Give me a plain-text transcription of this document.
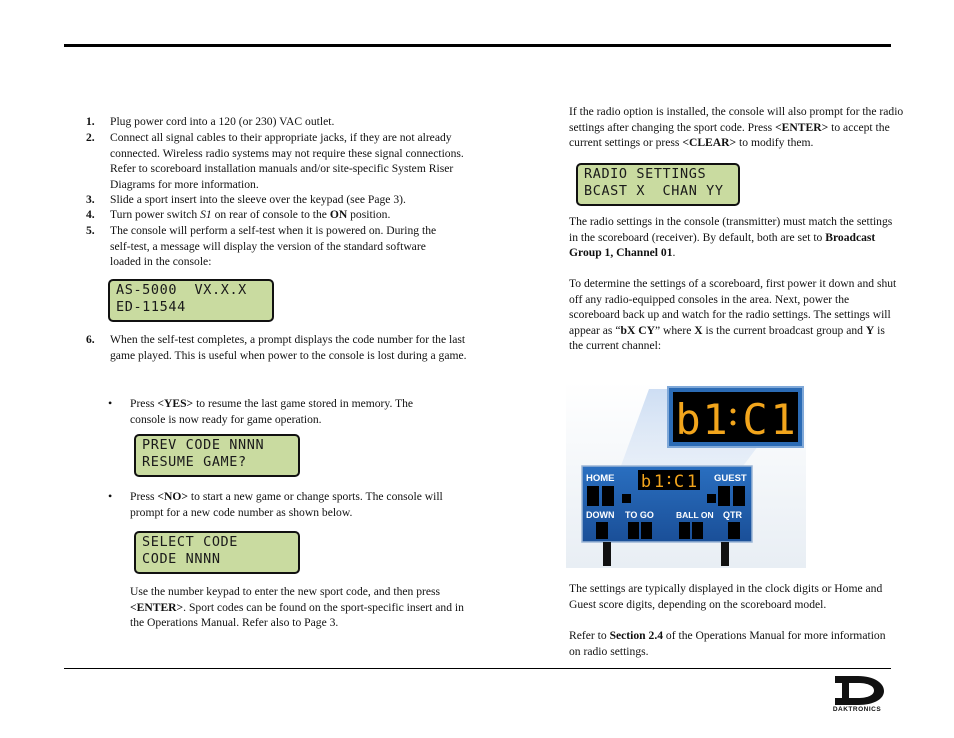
1. Plug power cord into a 120 (or 230) VAC outlet.
2. Connect all signal cables to their appropriate jacks, if they are not already connected. Wireless radio systems may not require these signal connections. Refer to scoreboard installation manuals and/or site-specific System Riser Diagrams for more information.
3. Slide a sport insert into the sleeve over the keypad (see Page 3).
4. Turn power switch S1 on rear of console to the ON position.
5. The console will perform a self-test when it is powered on. During the self-test, a message will display the version of the standard software loaded in the console:
AS-5000  VX.X.X
ED-11544
6. When the self-test completes, a prompt displays the code number for the last game played. This is useful when power to the console is lost during a game.
• Press <YES> to resume the last game stored in memory. The console is now ready for game operation.
PREV CODE NNNN
RESUME GAME?
• Press <NO> to start a new game or change sports. The console will prompt for a new code number as shown below.
SELECT CODE
CODE NNNN

Use the number keypad to enter the new sport code, and then press <ENTER>. Sport codes can be found on the sport-specific insert and in the Operations Manual. Refer also to Page 3.

If the radio option is installed, the console will also prompt for the radio settings after changing the sport code. Press <ENTER> to accept the current settings or press <CLEAR> to modify them.

RADIO SETTINGS
BCAST X  CHAN YY

The radio settings in the console (transmitter) must match the settings in the scoreboard (receiver). By default, both are set to Broadcast Group 1, Channel 01.

To determine the settings of a scoreboard, first power it down and shut off any radio-equipped consoles in the area. Next, power the scoreboard back up and watch for the radio settings. The settings will appear as “bX CY” where X is the current broadcast group and Y is the current channel:

b 1 C 1
HOME	GUEST
b 1 C 1
DOWN TO GO	BALL ON QTR

The settings are typically displayed in the clock digits or Home and Guest score digits, depending on the scoreboard model.

Refer to Section 2.4 of the Operations Manual for more information on radio settings.

DAKTRONICS
